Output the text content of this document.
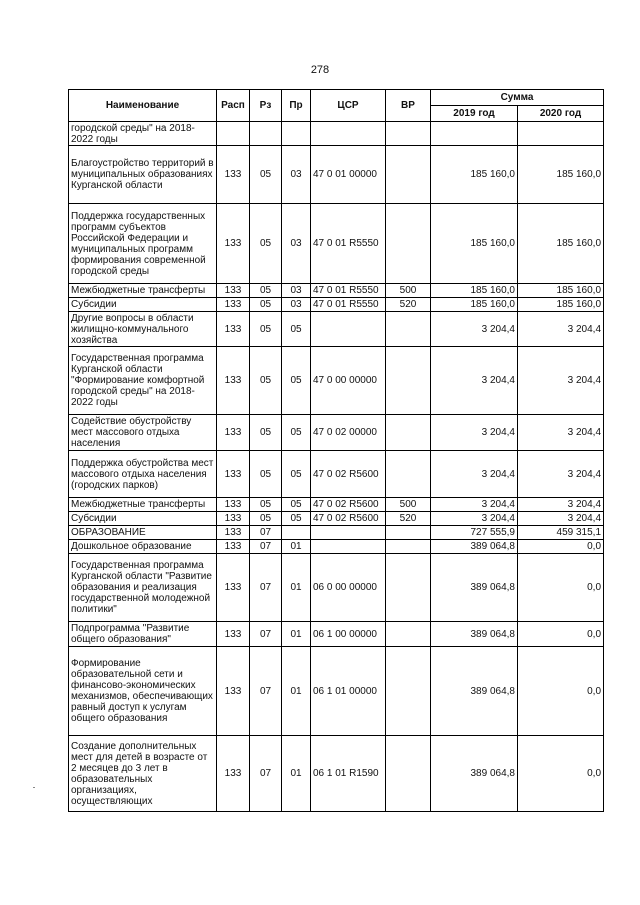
278
Наименование	Расп	Рз	Пр	ЦСР	ВР	Сумма	
						2019 год	2020 год
городской среды" на 2018-2022 годы							
Благоустройство территорий в муниципальных образованиях Курганской области	133	05	03	47 0 01 00000		185 160,0	185 160,0
Поддержка государственных программ субъектов Российской Федерации и муниципальных программ формирования современной городской среды	133	05	03	47 0 01 R5550		185 160,0	185 160,0
Межбюджетные трансферты	133	05	03	47 0 01 R5550	500	185 160,0	185 160,0
Субсидии	133	05	03	47 0 01 R5550	520	185 160,0	185 160,0
Другие вопросы в области жилищно-коммунального хозяйства	133	05	05			3 204,4	3 204,4
Государственная программа Курганской области "Формирование комфортной городской среды" на 2018-2022 годы	133	05	05	47 0 00 00000		3 204,4	3 204,4
Содействие обустройству мест массового отдыха населения	133	05	05	47 0 02 00000		3 204,4	3 204,4
Поддержка обустройства мест массового отдыха населения (городских парков)	133	05	05	47 0 02 R5600		3 204,4	3 204,4
Межбюджетные трансферты	133	05	05	47 0 02 R5600	500	3 204,4	3 204,4
Субсидии	133	05	05	47 0 02 R5600	520	3 204,4	3 204,4
ОБРАЗОВАНИЕ	133	07				727 555,9	459 315,1
Дошкольное образование	133	07	01			389 064,8	0,0
Государственная программа Курганской области "Развитие образования и реализация государственной молодежной политики"	133	07	01	06 0 00 00000		389 064,8	0,0
Подпрограмма "Развитие общего образования"	133	07	01	06 1 00 00000		389 064,8	0,0
Формирование образовательной сети и финансово-экономических механизмов, обеспечивающих равный доступ к услугам общего образования	133	07	01	06 1 01 00000		389 064,8	0,0
Создание дополнительных мест для детей в возрасте от 2 месяцев до 3 лет в образовательных организациях, осуществляющих	133	07	01	06 1 01 R1590		389 064,8	0,0
